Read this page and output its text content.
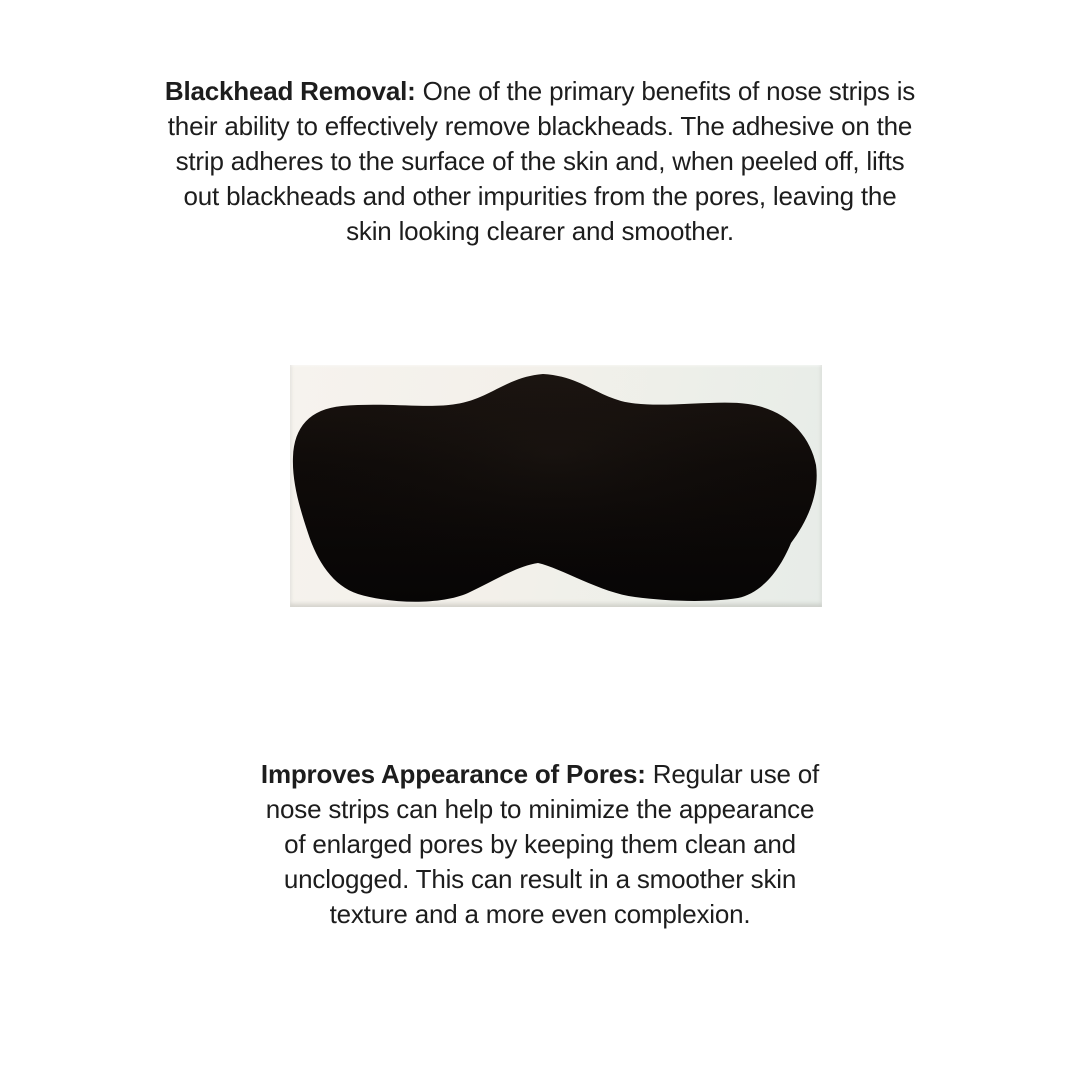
Blackhead Removal: One of the primary benefits of nose strips is
their ability to effectively remove blackheads. The adhesive on the
strip adheres to the surface of the skin and, when peeled off, lifts
out blackheads and other impurities from the pores, leaving the
skin looking clearer and smoother.
Improves Appearance of Pores: Regular use of
nose strips can help to minimize the appearance
of enlarged pores by keeping them clean and
unclogged. This can result in a smoother skin
texture and a more even complexion.
